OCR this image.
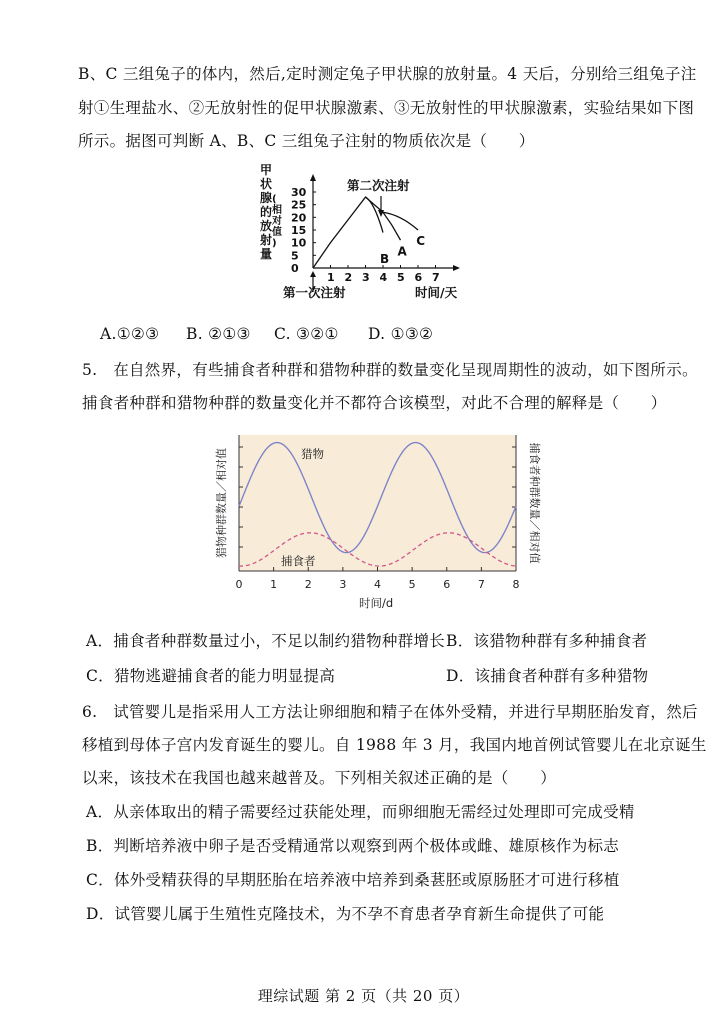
B、C 三组兔子的体内，然后,定时测定兔子甲状腺的放射量。4 天后，分别给三组兔子注
射①生理盐水、②无放射性的促甲状腺激素、③无放射性的甲状腺激素，实验结果如下图
所示。据图可判断 A、B、C 三组兔子注射的物质依次是（　　）
甲
状
腺
的
放
射
量
(
相
对
值
)
30
25
20
15
10
5
0
1 2 3 4 5 6 7
A
B
C
第二次注射
第一次注射	时间/天
A.①②③ B. ②①③ C. ③②① D. ①③②
5.　在自然界，有些捕食者种群和猎物种群的数量变化呈现周期性的波动，如下图所示。
捕食者种群和猎物种群的数量变化并不都符合该模型，对此不合理的解释是（　　）
猎物
捕食者
0	1	2	3	4	5	6	7	8
时间/d
猎物种群数量／相对值	捕食者种群数量／相对值
A．捕食者种群数量过小，不足以制约猎物种群增长 B．该猎物种群有多种捕食者
C．猎物逃避捕食者的能力明显提高	D．该捕食者种群有多种猎物
6.　试管婴儿是指采用人工方法让卵细胞和精子在体外受精，并进行早期胚胎发育，然后
移植到母体子宫内发育诞生的婴儿。自 1988 年 3 月，我国内地首例试管婴儿在北京诞生
以来，该技术在我国也越来越普及。下列相关叙述正确的是（　　）
A．从亲体取出的精子需要经过获能处理，而卵细胞无需经过处理即可完成受精
B．判断培养液中卵子是否受精通常以观察到两个极体或雌、雄原核作为标志
C．体外受精获得的早期胚胎在培养液中培养到桑葚胚或原肠胚才可进行移植
D．试管婴儿属于生殖性克隆技术，为不孕不育患者孕育新生命提供了可能
理综试题 第 2 页（共 20 页）
